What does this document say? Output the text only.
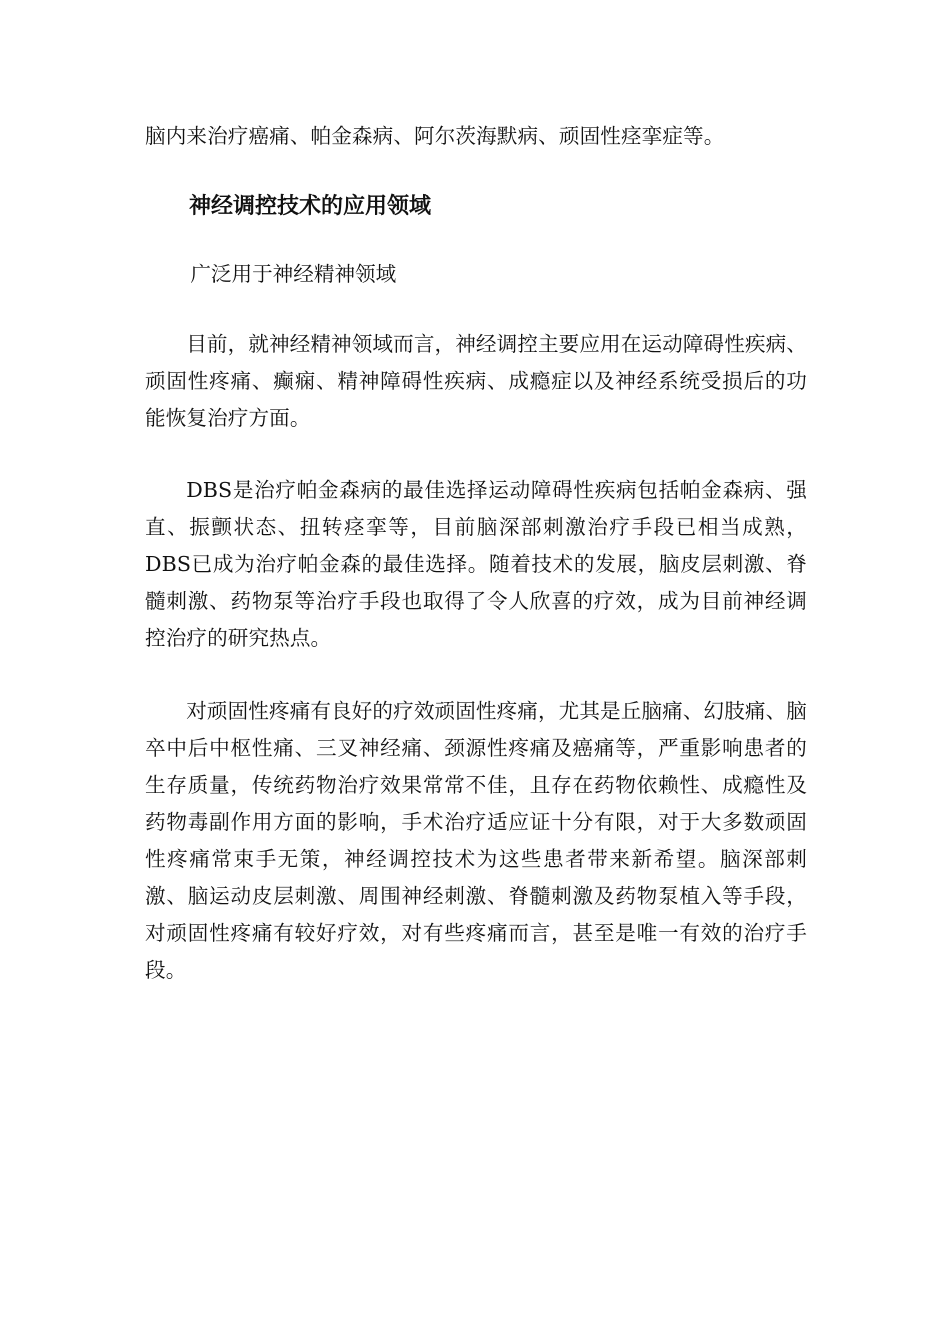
脑内来治疗癌痛、帕金森病、阿尔茨海默病、顽固性痉挛症等。

神经调控技术的应用领域

广泛用于神经精神领域

目前，就神经精神领域而言，神经调控主要应用在运动障碍性疾病、顽固性疼痛、癫痫、精神障碍性疾病、成瘾症以及神经系统受损后的功能恢复治疗方面。

DBS是治疗帕金森病的最佳选择运动障碍性疾病包括帕金森病、强直、振颤状态、扭转痉挛等，目前脑深部刺激治疗手段已相当成熟，DBS已成为治疗帕金森的最佳选择。随着技术的发展，脑皮层刺激、脊髓刺激、药物泵等治疗手段也取得了令人欣喜的疗效，成为目前神经调控治疗的研究热点。

对顽固性疼痛有良好的疗效顽固性疼痛，尤其是丘脑痛、幻肢痛、脑卒中后中枢性痛、三叉神经痛、颈源性疼痛及癌痛等，严重影响患者的生存质量，传统药物治疗效果常常不佳，且存在药物依赖性、成瘾性及药物毒副作用方面的影响，手术治疗适应证十分有限，对于大多数顽固性疼痛常束手无策，神经调控技术为这些患者带来新希望。脑深部刺激、脑运动皮层刺激、周围神经刺激、脊髓刺激及药物泵植入等手段，对顽固性疼痛有较好疗效，对有些疼痛而言，甚至是唯一有效的治疗手段。
